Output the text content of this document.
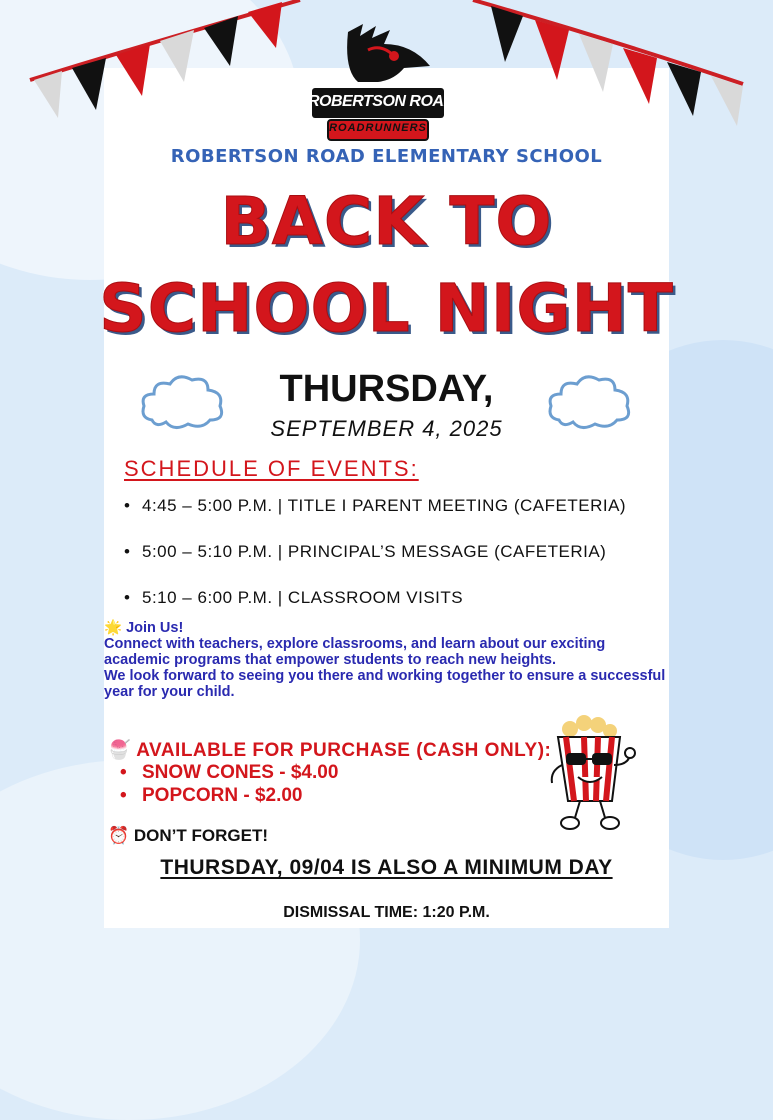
ROBERTSON ROAD
ROADRUNNERS
ROBERTSON ROAD ELEMENTARY SCHOOL
BACK TO
SCHOOL NIGHT
THURSDAY,
SEPTEMBER 4, 2025
SCHEDULE OF EVENTS:
• 4:45 – 5:00 P.M. | TITLE I PARENT MEETING (CAFETERIA)
• 5:00 – 5:10 P.M. | PRINCIPAL’S MESSAGE (CAFETERIA)
• 5:10 – 6:00 P.M. | CLASSROOM VISITS

🌟 Join Us!

Connect with teachers, explore classrooms, and learn about our exciting academic programs that empower students to reach new heights.

We look forward to seeing you there and working together to ensure a successful year for your child.

🍧 AVAILABLE FOR PURCHASE (CASH ONLY):
• SNOW CONES - $4.00
• POPCORN - $2.00
⏰ DON’T FORGET!
THURSDAY, 09/04 IS ALSO A MINIMUM DAY
DISMISSAL TIME: 1:20 P.M.
